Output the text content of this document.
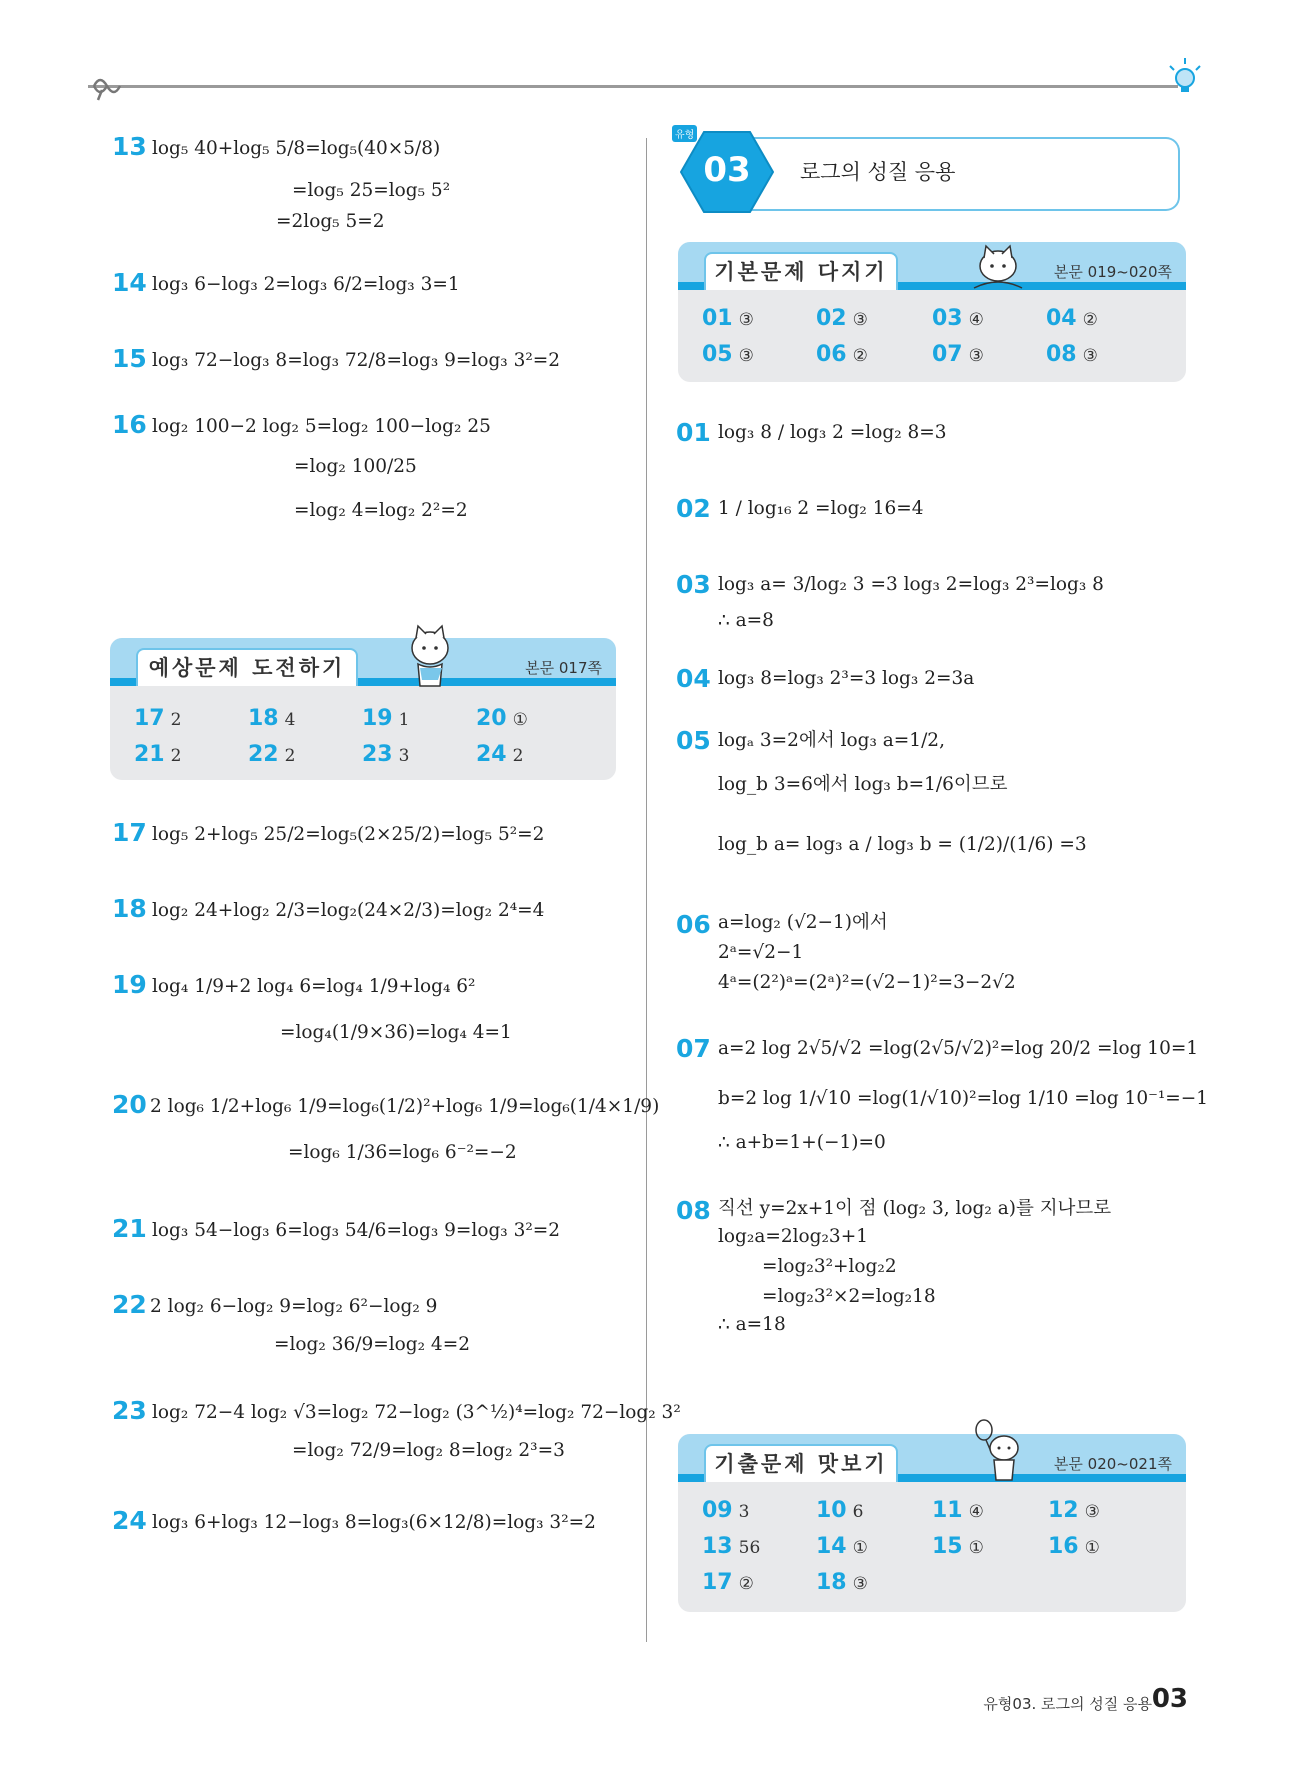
13 log₅ 40+log₅ 5/8=log₅(40×5/8)
=log₅ 25=log₅ 5²
=2log₅ 5=2
14 log₃ 6−log₃ 2=log₃ 6/2=log₃ 3=1
15 log₃ 72−log₃ 8=log₃ 72/8=log₃ 9=log₃ 3²=2
16 log₂ 100−2 log₂ 5=log₂ 100−log₂ 25
=log₂ 100/25
=log₂ 4=log₂ 2²=2
예상문제 도전하기	본문 017쪽
17 2	18 4	19 1	20 ①
21 2	22 2	23 3	24 2
17 log₅ 2+log₅ 25/2=log₅(2×25/2)=log₅ 5²=2
18 log₂ 24+log₂ 2/3=log₂(24×2/3)=log₂ 2⁴=4
19 log₄ 1/9+2 log₄ 6=log₄ 1/9+log₄ 6²
=log₄(1/9×36)=log₄ 4=1
20 2 log₆ 1/2+log₆ 1/9=log₆(1/2)²+log₆ 1/9=log₆(1/4×1/9)
=log₆ 1/36=log₆ 6⁻²=−2
21 log₃ 54−log₃ 6=log₃ 54/6=log₃ 9=log₃ 3²=2
22 2 log₂ 6−log₂ 9=log₂ 6²−log₂ 9
=log₂ 36/9=log₂ 4=2
23 log₂ 72−4 log₂ √3=log₂ 72−log₂ (3^½)⁴=log₂ 72−log₂ 3²
=log₂ 72/9=log₂ 8=log₂ 2³=3
24 log₃ 6+log₃ 12−log₃ 8=log₃(6×12/8)=log₃ 3²=2
03
유형
로그의 성질 응용
기본문제 다지기	본문 019~020쪽
01 ③	02 ③	03 ④	04 ②
05 ③	06 ②	07 ③	08 ③
01 log₃ 8 / log₃ 2 =log₂ 8=3
02 1 / log₁₆ 2 =log₂ 16=4
03 log₃ a= 3/log₂ 3 =3 log₃ 2=log₃ 2³=log₃ 8
∴ a=8
04 log₃ 8=log₃ 2³=3 log₃ 2=3a
05 logₐ 3=2에서 log₃ a=1/2,
log_b 3=6에서 log₃ b=1/6이므로
log_b a= log₃ a / log₃ b = (1/2)/(1/6) =3
06 a=log₂ (√2−1)에서
2ᵃ=√2−1
4ᵃ=(2²)ᵃ=(2ᵃ)²=(√2−1)²=3−2√2
07 a=2 log 2√5/√2 =log(2√5/√2)²=log 20/2 =log 10=1
b=2 log 1/√10 =log(1/√10)²=log 1/10 =log 10⁻¹=−1
∴ a+b=1+(−1)=0
08 직선 y=2x+1이 점 (log₂ 3, log₂ a)를 지나므로
log₂a=2log₂3+1
=log₂3²+log₂2
=log₂3²×2=log₂18
∴ a=18
기출문제 맛보기	본문 020~021쪽
09 3	10 6	11 ④	12 ③
13 56	14 ①	15 ①	16 ①
17 ②	18 ③
유형03. 로그의 성질 응용 03
